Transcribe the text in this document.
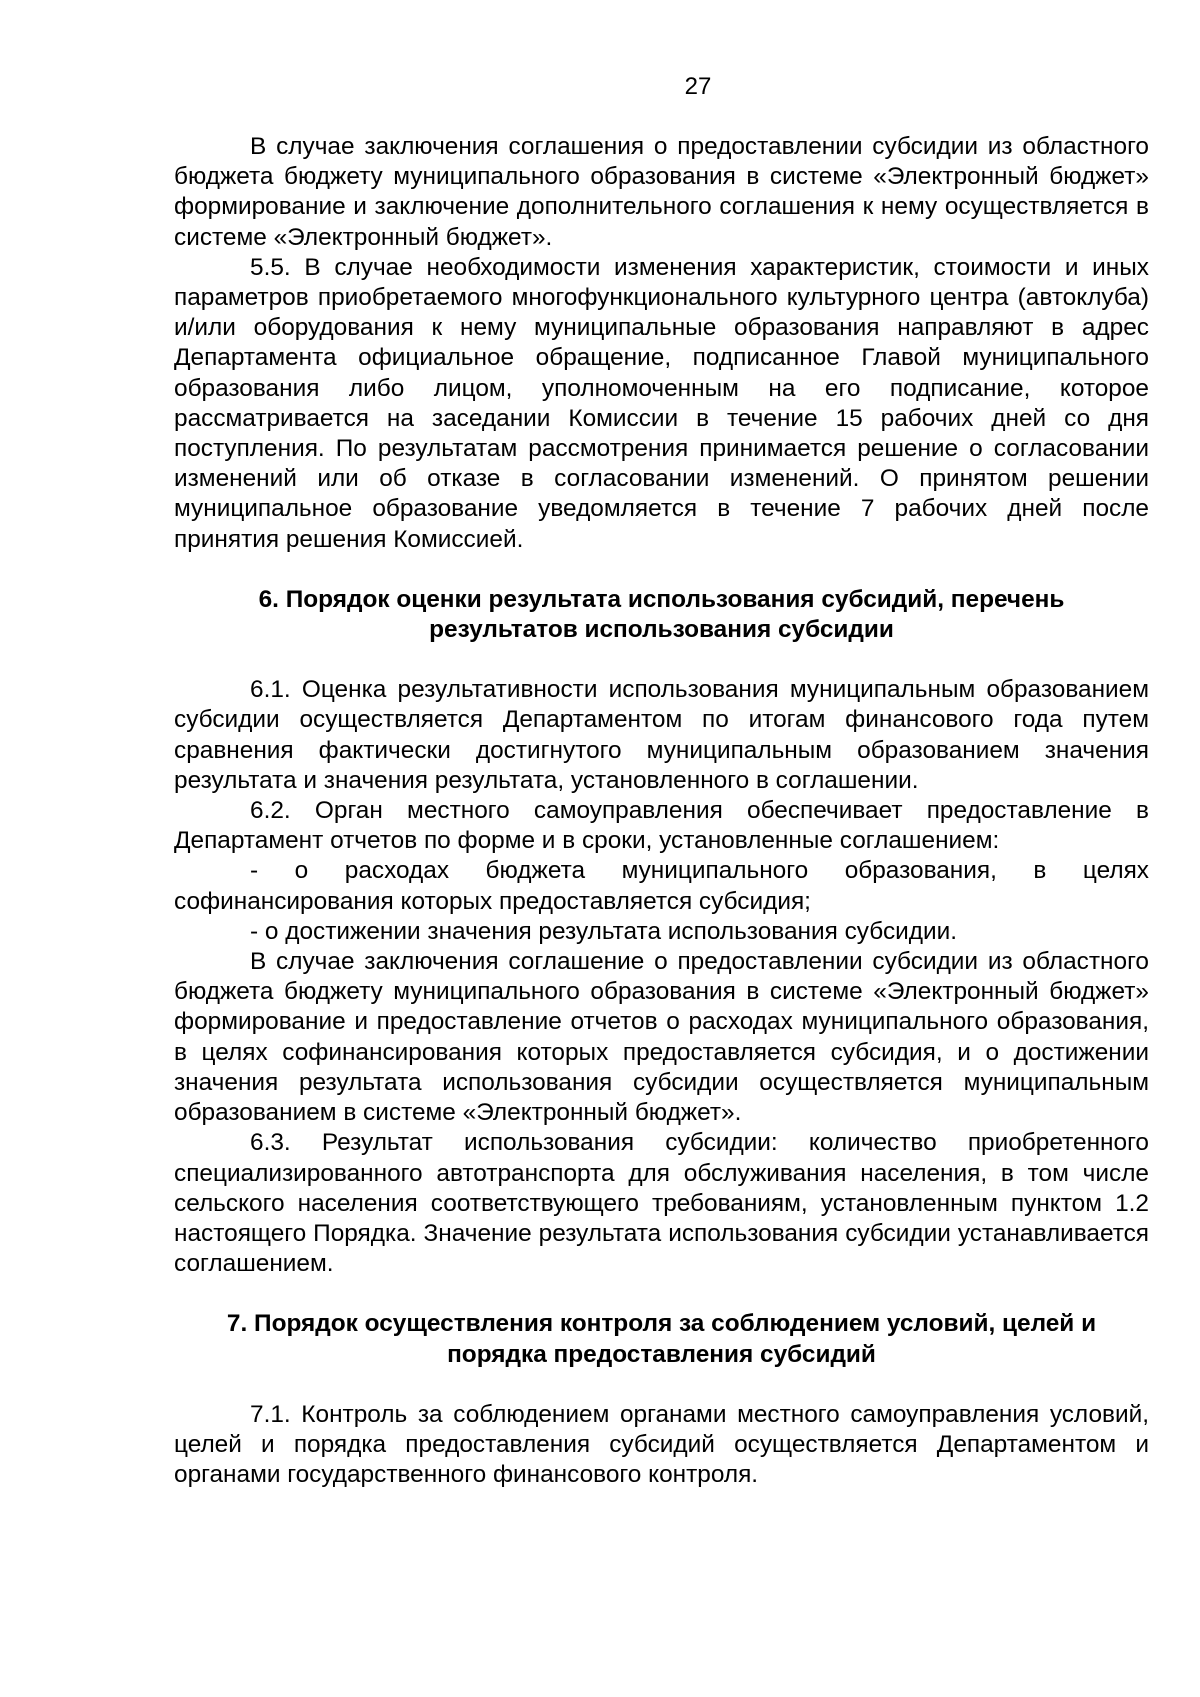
27

В случае заключения соглашения о предоставлении субсидии из областного бюджета бюджету муниципального образования в системе «Электронный бюджет» формирование и заключение дополнительного соглашения к нему осуществляется в системе «Электронный бюджет».

5.5. В случае необходимости изменения характеристик, стоимости и иных параметров приобретаемого многофункционального культурного центра (автоклуба) и/или оборудования к нему муниципальные образования направляют в адрес Департамента официальное обращение, подписанное Главой муниципального образования либо лицом, уполномоченным на его подписание, которое рассматривается на заседании Комиссии в течение 15 рабочих дней со дня поступления. По результатам рассмотрения принимается решение о согласовании изменений или об отказе в согласовании изменений. О принятом решении муниципальное образование уведомляется в течение 7 рабочих дней после принятия решения Комиссией.

6. Порядок оценки результата использования субсидий, перечень

результатов использования субсидии

6.1. Оценка результативности использования муниципальным образованием субсидии осуществляется Департаментом по итогам финансового года путем сравнения фактически достигнутого муниципальным образованием значения результата и значения результата, установленного в соглашении.

6.2. Орган местного самоуправления обеспечивает предоставление в Департамент отчетов по форме и в сроки, установленные соглашением:

- о расходах бюджета муниципального образования, в целях софинансирования которых предоставляется субсидия;

- о достижении значения результата использования субсидии.

В случае заключения соглашение о предоставлении субсидии из областного бюджета бюджету муниципального образования в системе «Электронный бюджет» формирование и предоставление отчетов о расходах муниципального образования, в целях софинансирования которых предоставляется субсидия, и о достижении значения результата использования субсидии осуществляется муниципальным образованием в системе «Электронный бюджет».

6.3. Результат использования субсидии: количество приобретенного специализированного автотранспорта для обслуживания населения, в том числе сельского населения соответствующего требованиям, установленным пунктом 1.2 настоящего Порядка. Значение результата использования субсидии устанавливается соглашением.

7. Порядок осуществления контроля за соблюдением условий, целей и

порядка предоставления субсидий

7.1. Контроль за соблюдением органами местного самоуправления условий, целей и порядка предоставления субсидий осуществляется Департаментом и органами государственного финансового контроля.
